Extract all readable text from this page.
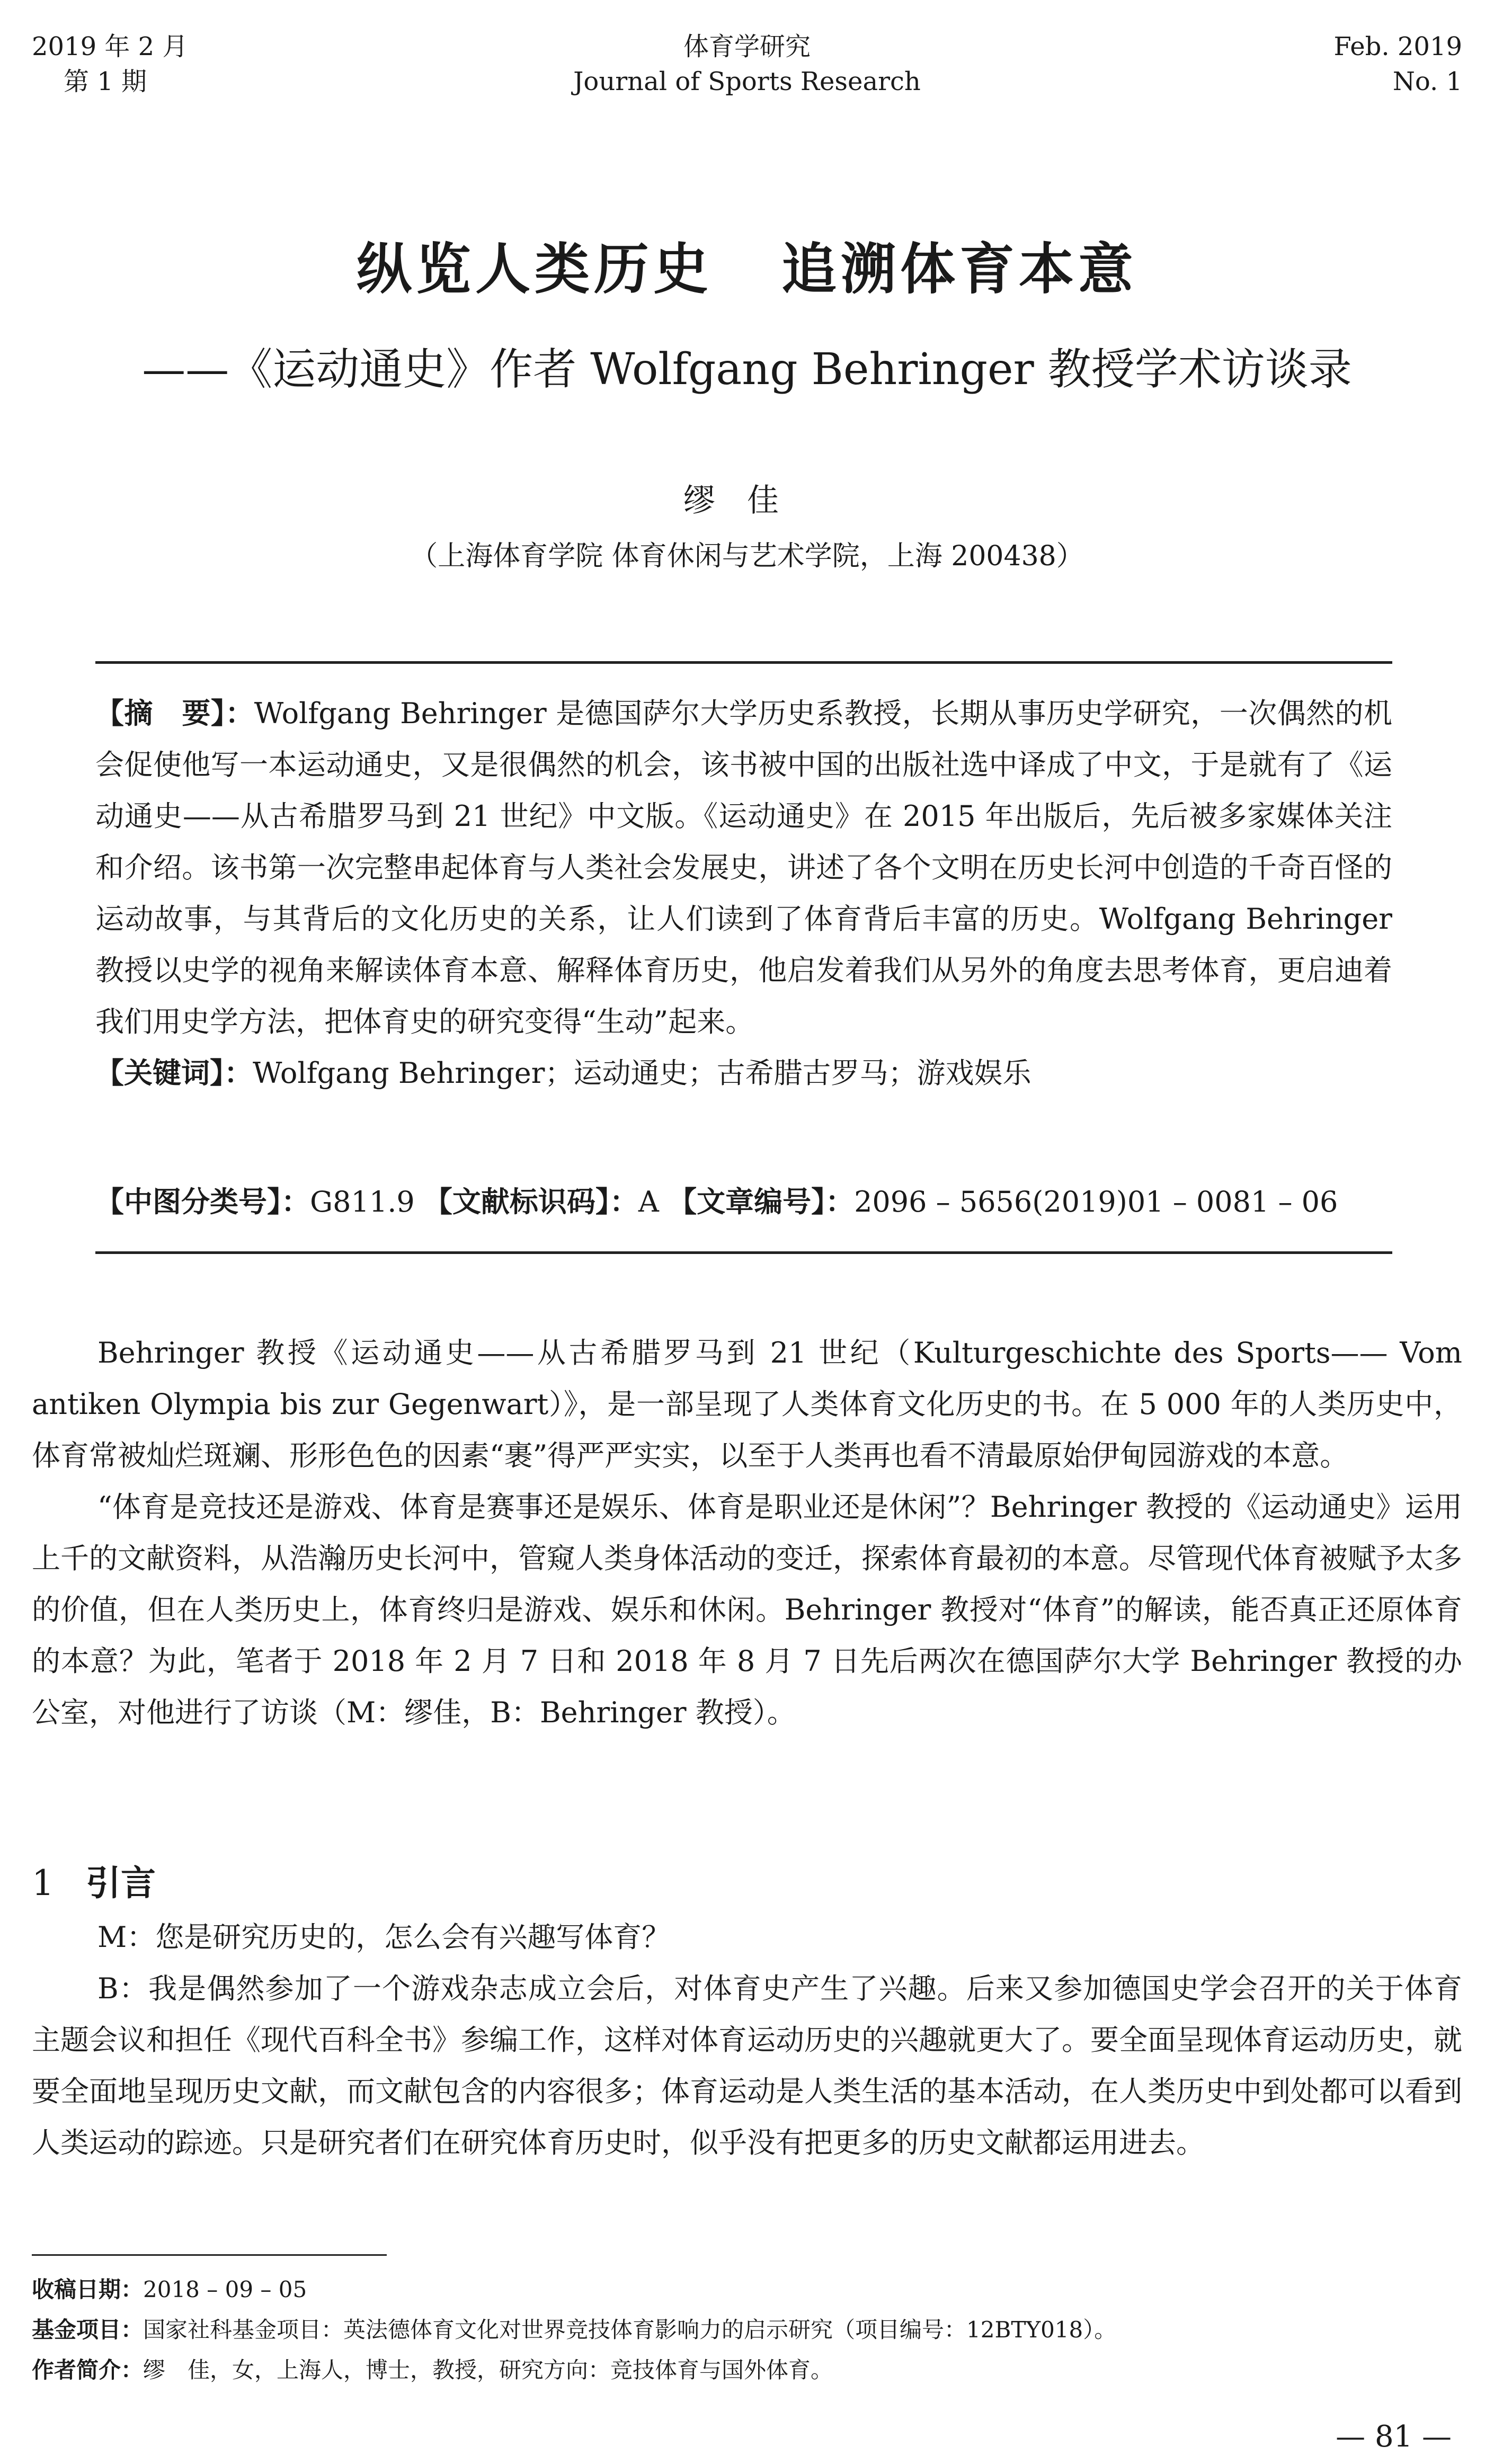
2019 年 2 月
第 1 期
体育学研究
Journal of Sports Research
Feb. 2019
No. 1
纵览人类历史 追溯体育本意
——《运动通史》作者 Wolfgang Behringer 教授学术访谈录
缪佳
（上海体育学院 体育休闲与艺术学院，上海 200438）

【摘　要】：Wolfgang Behringer 是德国萨尔大学历史系教授，长期从事历史学研究，一次偶然的机会促使他写一本运动通史，又是很偶然的机会，该书被中国的出版社选中译成了中文，于是就有了《运动通史——从古希腊罗马到 21 世纪》中文版。《运动通史》在 2015 年出版后，先后被多家媒体关注和介绍。该书第一次完整串起体育与人类社会发展史，讲述了各个文明在历史长河中创造的千奇百怪的运动故事，与其背后的文化历史的关系，让人们读到了体育背后丰富的历史。Wolfgang Behringer 教授以史学的视角来解读体育本意、解释体育历史，他启发着我们从另外的角度去思考体育，更启迪着我们用史学方法，把体育史的研究变得“生动”起来。

【关键词】：Wolfgang Behringer；运动通史；古希腊古罗马；游戏娱乐

【中图分类号】：G811.9 【文献标识码】：A 【文章编号】：2096 – 5656(2019)01 – 0081 – 06

Behringer 教授《运动通史——从古希腊罗马到 21 世纪（Kulturgeschichte des Sports—— Vom antiken Olympia bis zur Gegenwart）》，是一部呈现了人类体育文化历史的书。在 5 000 年的人类历史中，体育常被灿烂斑斓、形形色色的因素“裹”得严严实实，以至于人类再也看不清最原始伊甸园游戏的本意。

“体育是竞技还是游戏、体育是赛事还是娱乐、体育是职业还是休闲”？Behringer 教授的《运动通史》运用上千的文献资料，从浩瀚历史长河中，管窥人类身体活动的变迁，探索体育最初的本意。尽管现代体育被赋予太多的价值，但在人类历史上，体育终归是游戏、娱乐和休闲。Behringer 教授对“体育”的解读，能否真正还原体育的本意？为此，笔者于 2018 年 2 月 7 日和 2018 年 8 月 7 日先后两次在德国萨尔大学 Behringer 教授的办公室，对他进行了访谈（M：缪佳，B：Behringer 教授）。

1 引言

M：您是研究历史的，怎么会有兴趣写体育？

B：我是偶然参加了一个游戏杂志成立会后，对体育史产生了兴趣。后来又参加德国史学会召开的关于体育主题会议和担任《现代百科全书》参编工作，这样对体育运动历史的兴趣就更大了。要全面呈现体育运动历史，就要全面地呈现历史文献，而文献包含的内容很多；体育运动是人类生活的基本活动，在人类历史中到处都可以看到人类运动的踪迹。只是研究者们在研究体育历史时，似乎没有把更多的历史文献都运用进去。

收稿日期：2018 – 09 – 05
基金项目：国家社科基金项目：英法德体育文化对世界竞技体育影响力的启示研究（项目编号：12BTY018）。
作者简介：缪　佳，女，上海人，博士，教授，研究方向：竞技体育与国外体育。
— 81 —
